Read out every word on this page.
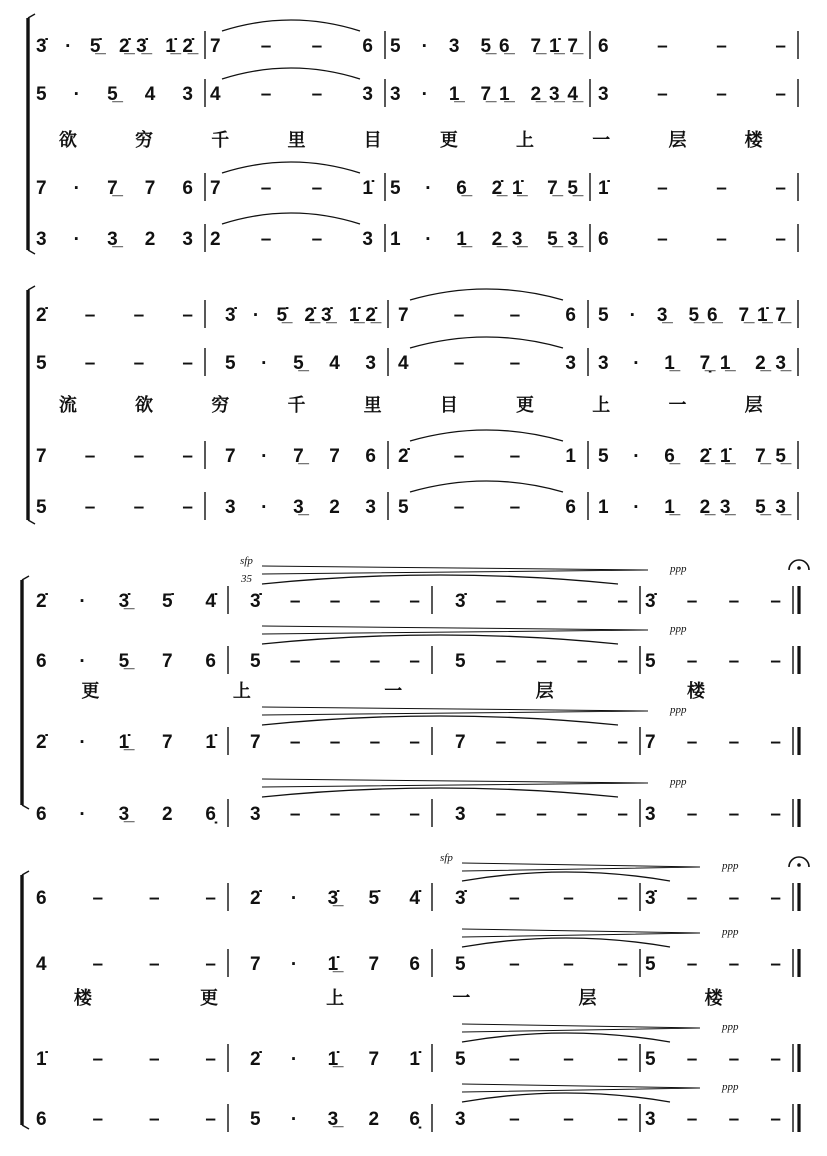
3̇ · 5̲̇ 2̲̇3̲̇ 1̲̇2̲̇ 7 – – 6 5 · 3 5̲6̲ 7̲1̲̇7̲	6 – – –
5 · 5̲ 4 3 4 – – 3 3 · 1̲ 7̲1̲ 2̲3̲4̲	3 – – –
欲	穷	千	里	目	更	上	一	层	楼
7 · 7̲ 7 6 7 – – 1̇ 5 · 6̲ 2̲̇1̲̇ 7̲5̲	1̇ – – –
3 · 3̲ 2 3 2 – – 3 1 · 1̲ 2̲3̲ 5̲3̲	6 – – –
2̇ – – – 3̇ · 5̲̇ 2̲̇3̲̇ 1̲̇2̲̇	7 – – 6 5 · 3̲ 5̲6̲ 7̲1̲̇7̲
5 – – – 5 · 5̲ 4 3 4 – – 3 3 · 1̲ 7̲̣1̲ 2̲3̲
流	欲	穷	千	里	目	更	上	一	层
7 – – – 7 · 7̲ 7 6 2̇ – – 1 5 · 6̲ 2̲̇1̲̇ 7̲5̲
5 – – – 3 · 3̲ 2 3 5 – – 6 1 · 1̲ 2̲3̲ 5̲3̲
2̇ · 3̲̇ 5̇ 4̇ 3̇ – – – – 3̇ – – – – 3̇ – – –
6 · 5̲ 7 6 5 – – – – 5 – – – – 5 – – –
更	上	一	层	楼
2̇ · 1̲̇ 7 1̇ 7 – – – – 7 – – – – 7 – – –
6 · 3̲ 2 6̣ 3 – – – – 3 – – – – 3 – – –
ppp
ppp
ppp
ppp
sfp
35
6 – – – 2̇ · 3̲̇ 5̇ 4̇ 3̇ – – – 3̇ – – –
4 – – – 7 · 1̲̇ 7 6 5 – – – 5 – – –
楼	更	上	一	层	楼
1̇ – – – 2̇ · 1̲̇ 7 1̇ 5 – – – 5 – – –
6 – – – 5 · 3̲ 2 6̣ 3 – – – 3 – – –
ppp
ppp
ppp
ppp
sfp
